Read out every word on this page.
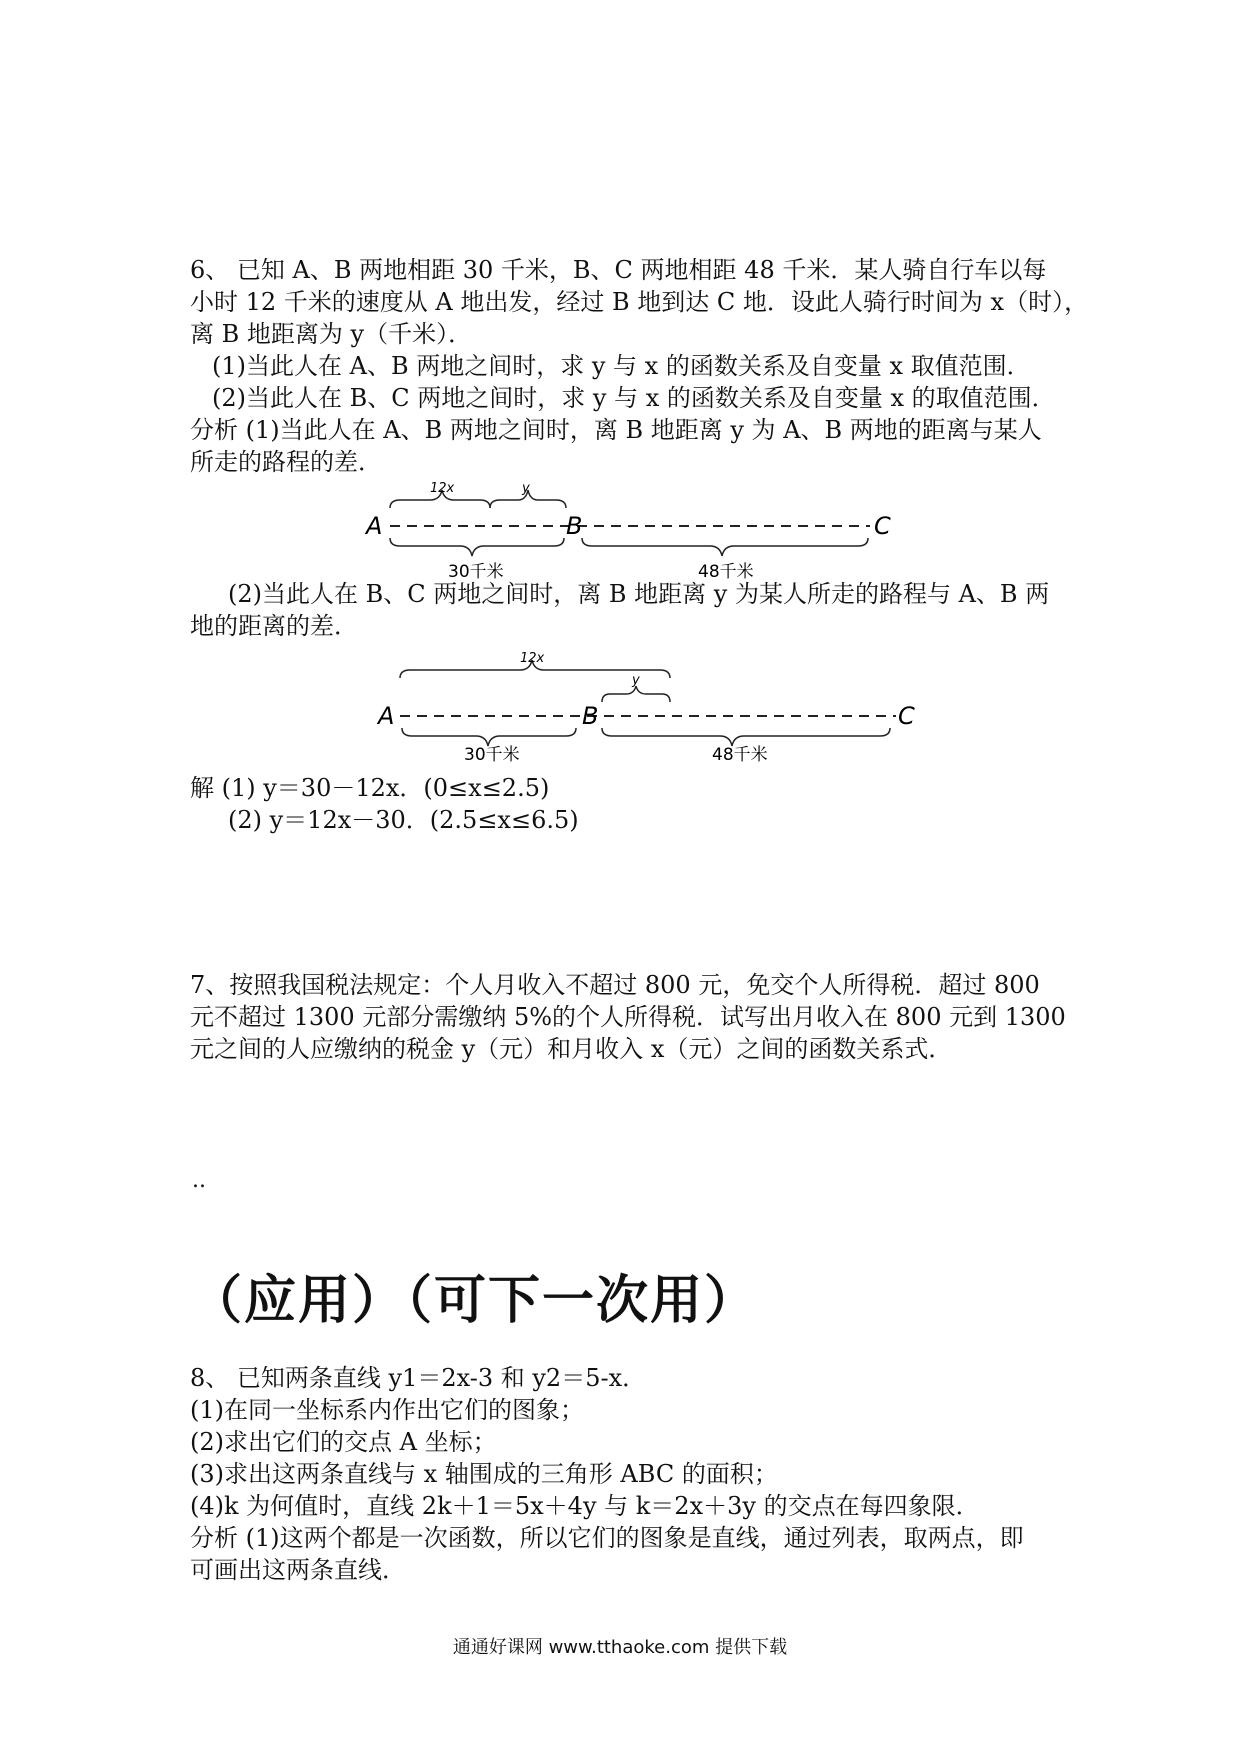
6、 已知 A、B 两地相距 30 千米，B、C 两地相距 48 千米．某人骑自行车以每
小时 12 千米的速度从 A 地出发，经过 B 地到达 C 地．设此人骑行时间为 x（时），
离 B 地距离为 y（千米）．
(1)当此人在 A、B 两地之间时，求 y 与 x 的函数关系及自变量 x 取值范围．
(2)当此人在 B、C 两地之间时，求 y 与 x 的函数关系及自变量 x 的取值范围．
分析 (1)当此人在 A、B 两地之间时，离 B 地距离 y 为 A、B 两地的距离与某人
所走的路程的差．
12x	y
A	B	C
30千米	48千米
(2)当此人在 B、C 两地之间时，离 B 地距离 y 为某人所走的路程与 A、B 两
地的距离的差．
12x
y
A	B	C
30千米	48千米
解 (1) y＝30－12x．(0≤x≤2.5)
(2) y＝12x－30．(2.5≤x≤6.5)
7、按照我国税法规定：个人月收入不超过 800 元，免交个人所得税．超过 800
元不超过 1300 元部分需缴纳 5%的个人所得税．试写出月收入在 800 元到 1300
元之间的人应缴纳的税金 y（元）和月收入 x（元）之间的函数关系式．
..
（应用）（可下一次用）
8、 已知两条直线 y1＝2x-3 和 y2＝5-x．
(1)在同一坐标系内作出它们的图象；
(2)求出它们的交点 A 坐标；
(3)求出这两条直线与 x 轴围成的三角形 ABC 的面积；
(4)k 为何值时，直线 2k＋1＝5x＋4y 与 k＝2x＋3y 的交点在每四象限．
分析 (1)这两个都是一次函数，所以它们的图象是直线，通过列表，取两点，即
可画出这两条直线．
通通好课网 www.tthaoke.com 提供下载
